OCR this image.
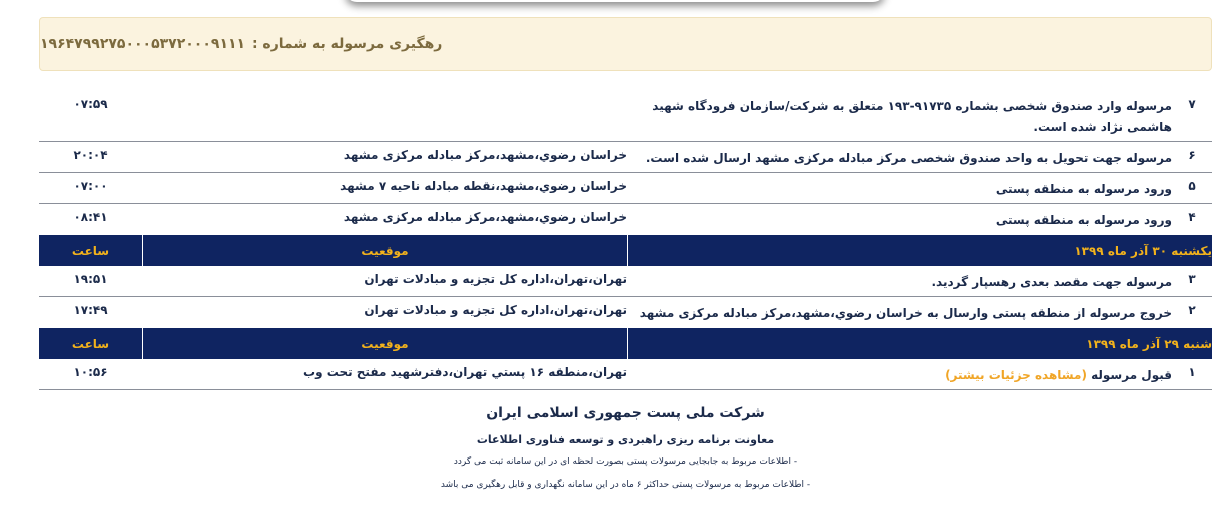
رهگیری مرسوله به شماره : ۱۹۶۴۷۹۹۲۷۵۰۰۰۵۳۷۲۰۰۰۹۱۱۱
۷
مرسوله وارد صندوق شخصی بشماره ۹۱۷۳۵-۱۹۳ متعلق به شرکت/سازمان فرودگاه شهید هاشمی نژاد شده است.
۰۷:۵۹
۶
مرسوله جهت تحویل به واحد صندوق شخصی مرکز مبادله مرکزی مشهد ارسال شده است.
خراسان رضوي،مشهد،مرکز مبادله مرکزی مشهد
۲۰:۰۴
۵
ورود مرسوله به منطقه پستی
خراسان رضوي،مشهد،نقطه مبادله ناحیه ۷ مشهد
۰۷:۰۰
۴
ورود مرسوله به منطقه پستی
خراسان رضوي،مشهد،مرکز مبادله مرکزی مشهد
۰۸:۴۱
یکشنبه ۳۰ آذر ماه ۱۳۹۹
موقعیت
ساعت
۳
مرسوله جهت مقصد بعدی رهسپار گردید.
تهران،تهران،اداره کل تجزیه و مبادلات تهران
۱۹:۵۱
۲
خروج مرسوله از منطقه پستی وارسال به خراسان رضوي،مشهد،مرکز مبادله مرکزی مشهد
تهران،تهران،اداره کل تجزیه و مبادلات تهران
۱۷:۴۹
شنبه ۲۹ آذر ماه ۱۳۹۹
موقعیت
ساعت
۱
قبول مرسوله (مشاهده جزئیات بیشتر)
تهران،منطقه ۱۶ پستي تهران،دفترشهید مفتح تحت وب
۱۰:۵۶
شرکت ملی پست جمهوری اسلامی ایران
معاونت برنامه ریزی راهبردی و توسعه فناوری اطلاعات
- اطلاعات مربوط به جابجایی مرسولات پستی بصورت لحظه ای در این سامانه ثبت می گردد
- اطلاعات مربوط به مرسولات پستی حداکثر ۶ ماه در این سامانه نگهداری و قابل رهگیری می باشد
